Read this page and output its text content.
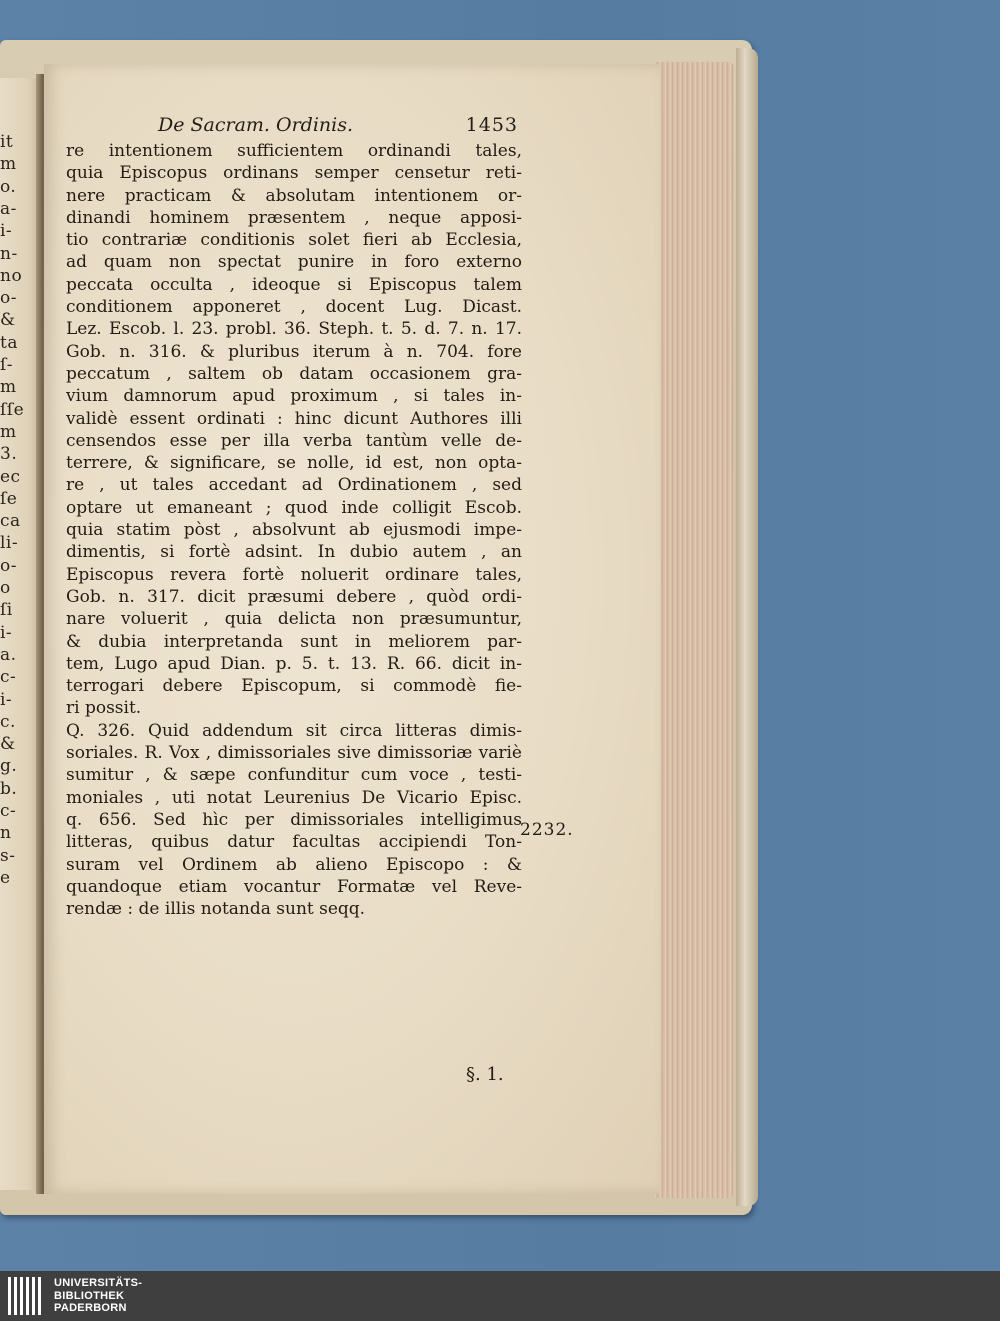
it
m
o.
a-
i-
n-
no
o-
&
ta
ſ-
m
ſſe
m
3.
ec
ſe
ca
li-
o-
o
ſi
i-
a.
c-
i-
c.
&
g.
b.
c-
n
s-
e
De Sacram. Ordinis.	1453
re intentionem sufficientem ordinandi tales,
quia Episcopus ordinans semper censetur reti-
nere practicam & absolutam intentionem or-
dinandi hominem præsentem , neque apposi-
tio contrariæ conditionis solet fieri ab Ecclesia,
ad quam non spectat punire in foro externo
peccata occulta , ideoque si Episcopus talem
conditionem apponeret , docent Lug. Dicast.
Lez. Escob. l. 23. probl. 36. Steph. t. 5. d. 7. n. 17.
Gob. n. 316. & pluribus iterum à n. 704. fore
peccatum , saltem ob datam occasionem gra-
vium damnorum apud proximum , si tales in-
validè essent ordinati : hinc dicunt Authores illi
censendos esse per illa verba tantùm velle de-
terrere, & significare, se nolle, id est, non opta-
re , ut tales accedant ad Ordinationem , sed
optare ut emaneant ; quod inde colligit Escob.
quia statim pòst , absolvunt ab ejusmodi impe-
dimentis, si fortè adsint. In dubio autem , an
Episcopus revera fortè noluerit ordinare tales,
Gob. n. 317. dicit præsumi debere , quòd ordi-
nare voluerit , quia delicta non præsumuntur,
& dubia interpretanda sunt in meliorem par-
tem, Lugo apud Dian. p. 5. t. 13. R. 66. dicit in-
terrogari debere Episcopum, si commodè fie-
ri possit.
Q. 326. Quid addendum sit circa litteras dimis-
soriales. R. Vox , dimissoriales sive dimissoriæ variè
sumitur , & sæpe confunditur cum voce , testi-
moniales , uti notat Leurenius De Vicario Episc.
q. 656. Sed hìc per dimissoriales intelligimus
litteras, quibus datur facultas accipiendi Ton-
suram vel Ordinem ab alieno Episcopo : &
quandoque etiam vocantur Formatæ vel Reve-
rendæ : de illis notanda sunt seqq.
2232.
§. 1.
UNIVERSITÄTS-
BIBLIOTHEK
PADERBORN
